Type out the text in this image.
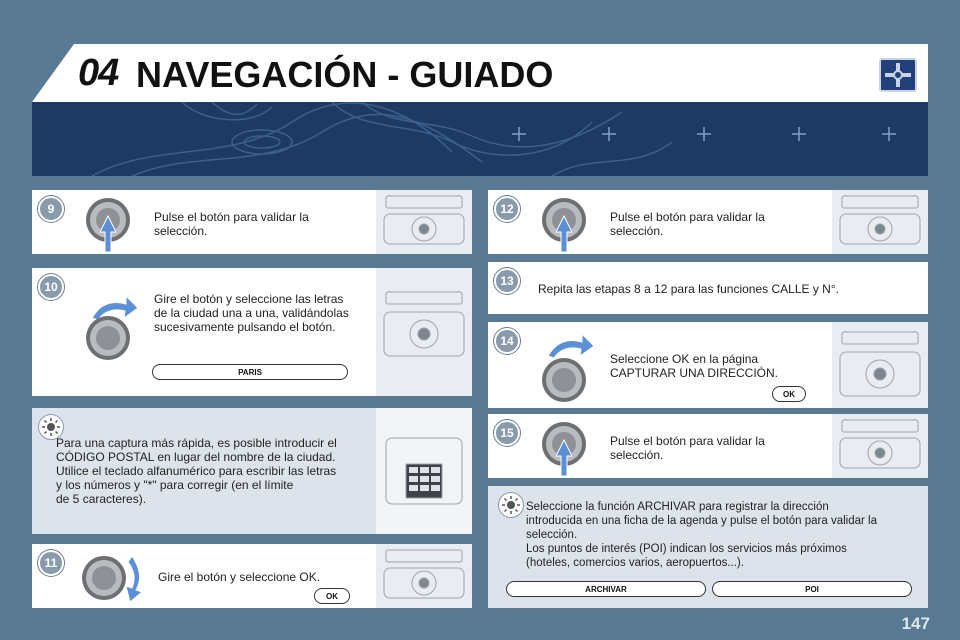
04 NAVEGACIÓN - GUIADO
9
Pulse el botón para validar la
selección.
10
Gire el botón y seleccione las letras
de la ciudad una a una, validándolas
sucesivamente pulsando el botón.
PARIS
Para una captura más rápida, es posible introducir el
CÓDIGO POSTAL en lugar del nombre de la ciudad.
Utilice el teclado alfanumérico para escribir las letras
y los números y "*" para corregir (en el límite
de 5 caracteres).
11
Gire el botón y seleccione OK.
OK
12
Pulse el botón para validar la
selección.
13
Repita las etapas 8 a 12 para las funciones CALLE y N°.
14
Seleccione OK en la página
CAPTURAR UNA DIRECCIÓN.
OK
15
Pulse el botón para validar la
selección.
Seleccione la función ARCHIVAR para registrar la dirección
introducida en una ficha de la agenda y pulse el botón para validar la
selección.
Los puntos de interés (POI) indican los servicios más próximos
(hoteles, comercios varios, aeropuertos...).
ARCHIVAR	POI
147
